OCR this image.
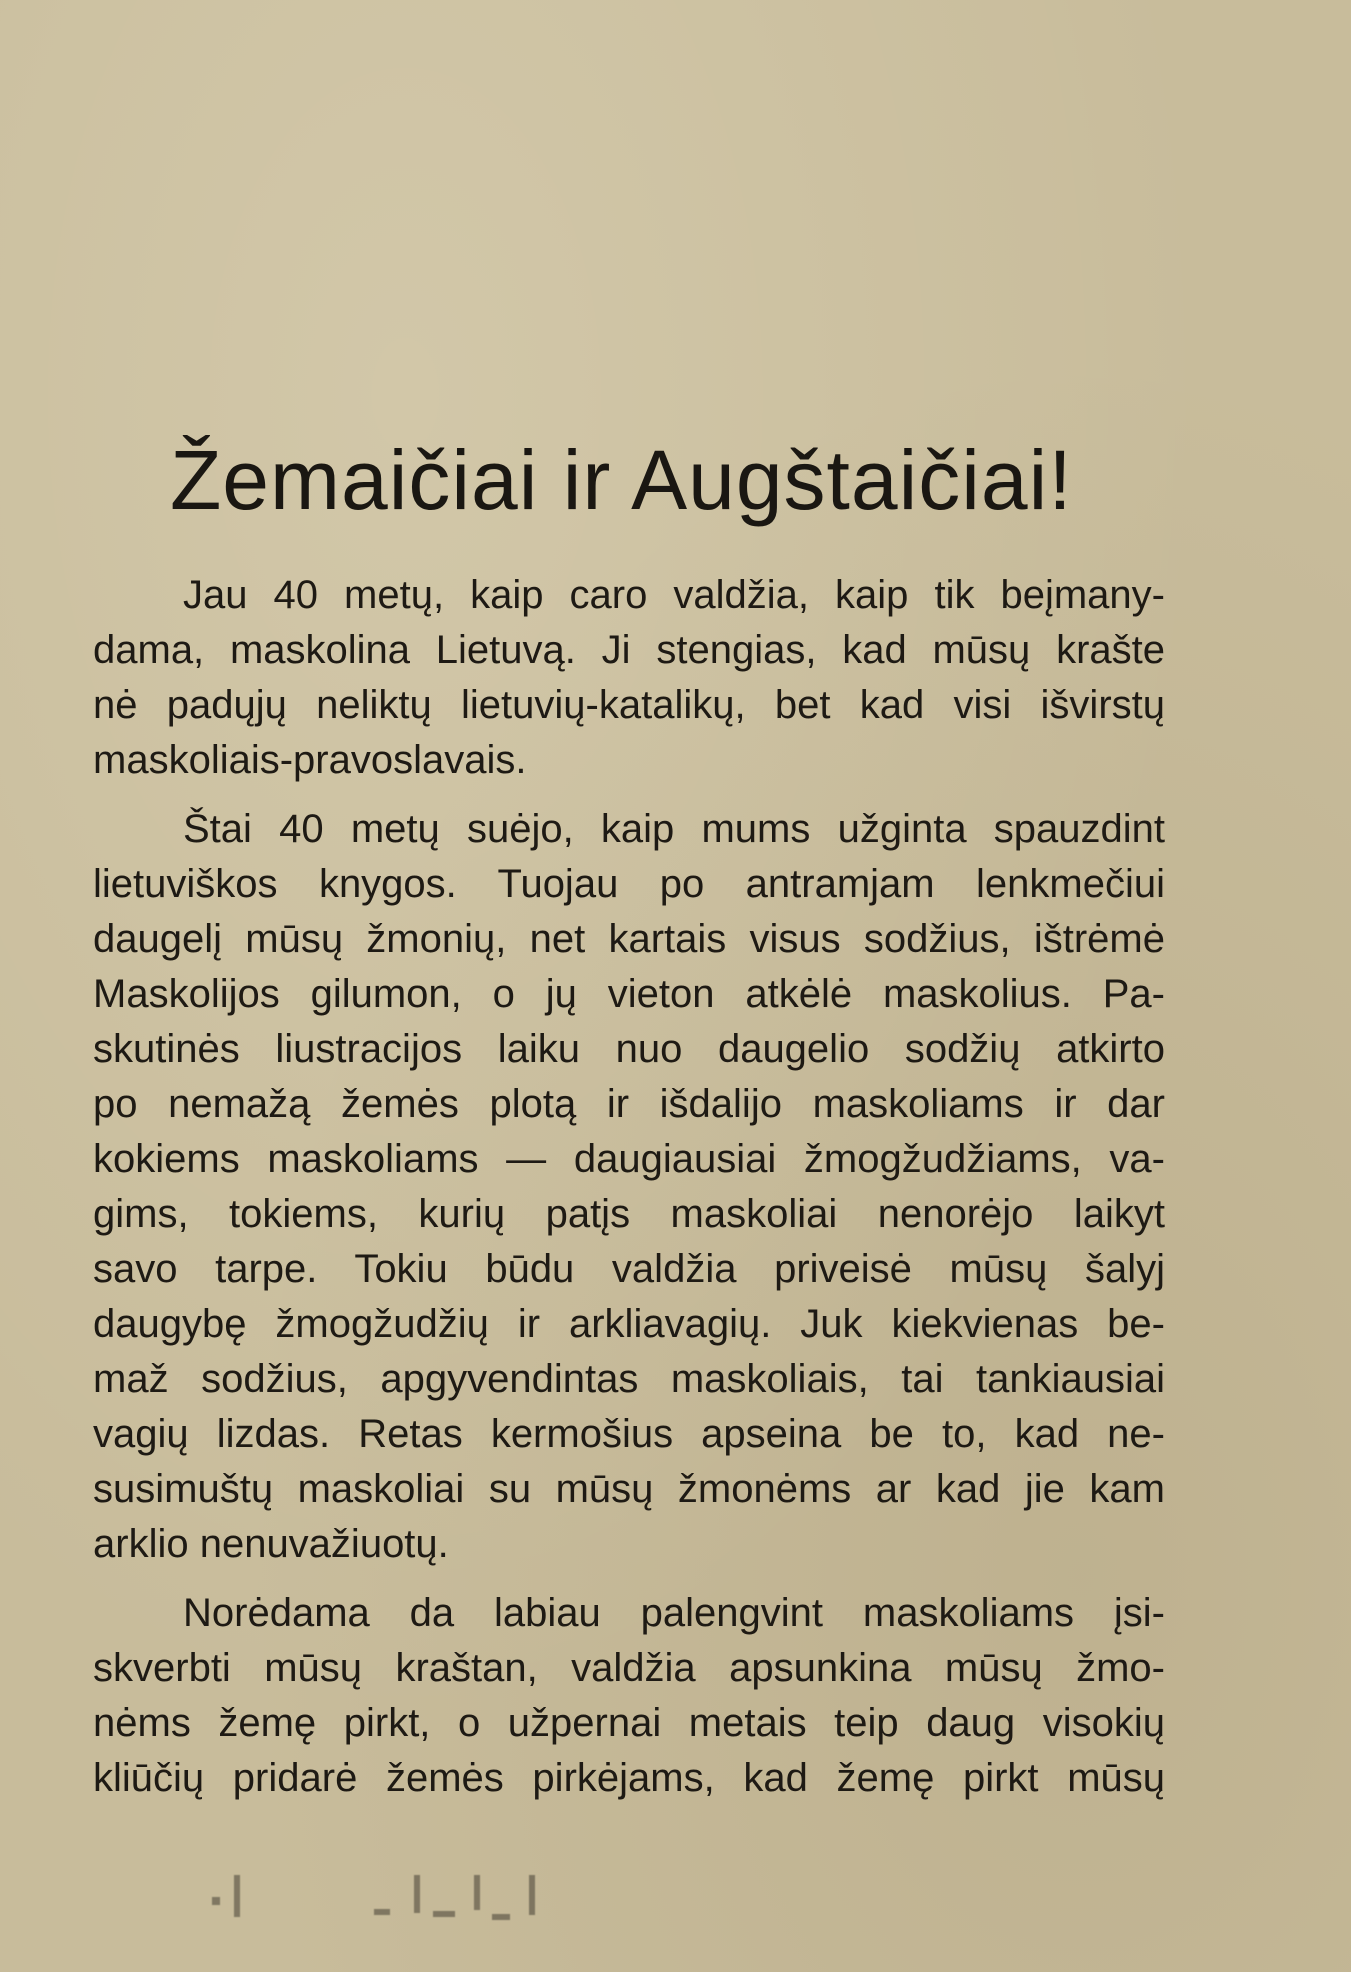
Žemaičiai ir Augštaičiai!

Jau 40 metų, kaip caro valdžia, kaip tik beįmany-
dama, maskolina Lietuvą. Ji stengias, kad mūsų krašte
nė padųjų neliktų lietuvių-katalikų, bet kad visi išvirstų
maskoliais-pravoslavais.

Štai 40 metų suėjo, kaip mums užginta spauzdint
lietuviškos knygos. Tuojau po antramjam lenkmečiui
daugelį mūsų žmonių, net kartais visus sodžius, ištrėmė
Maskolijos gilumon, o jų vieton atkėlė maskolius. Pa-
skutinės liustracijos laiku nuo daugelio sodžių atkirto
po nemažą žemės plotą ir išdalijo maskoliams ir dar
kokiems maskoliams — daugiausiai žmogžudžiams, va-
gims, tokiems, kurių patįs maskoliai nenorėjo laikyt
savo tarpe. Tokiu būdu valdžia priveisė mūsų šalyj
daugybę žmogžudžių ir arkliavagių. Juk kiekvienas be-
maž sodžius, apgyvendintas maskoliais, tai tankiausiai
vagių lizdas. Retas kermošius apseina be to, kad ne-
susimuštų maskoliai su mūsų žmonėms ar kad jie kam
arklio nenuvažiuotų.

Norėdama da labiau palengvint maskoliams įsi-
skverbti mūsų kraštan, valdžia apsunkina mūsų žmo-
nėms žemę pirkt, o užpernai metais teip daug visokių
kliūčių pridarė žemės pirkėjams, kad žemę pirkt mūsų
